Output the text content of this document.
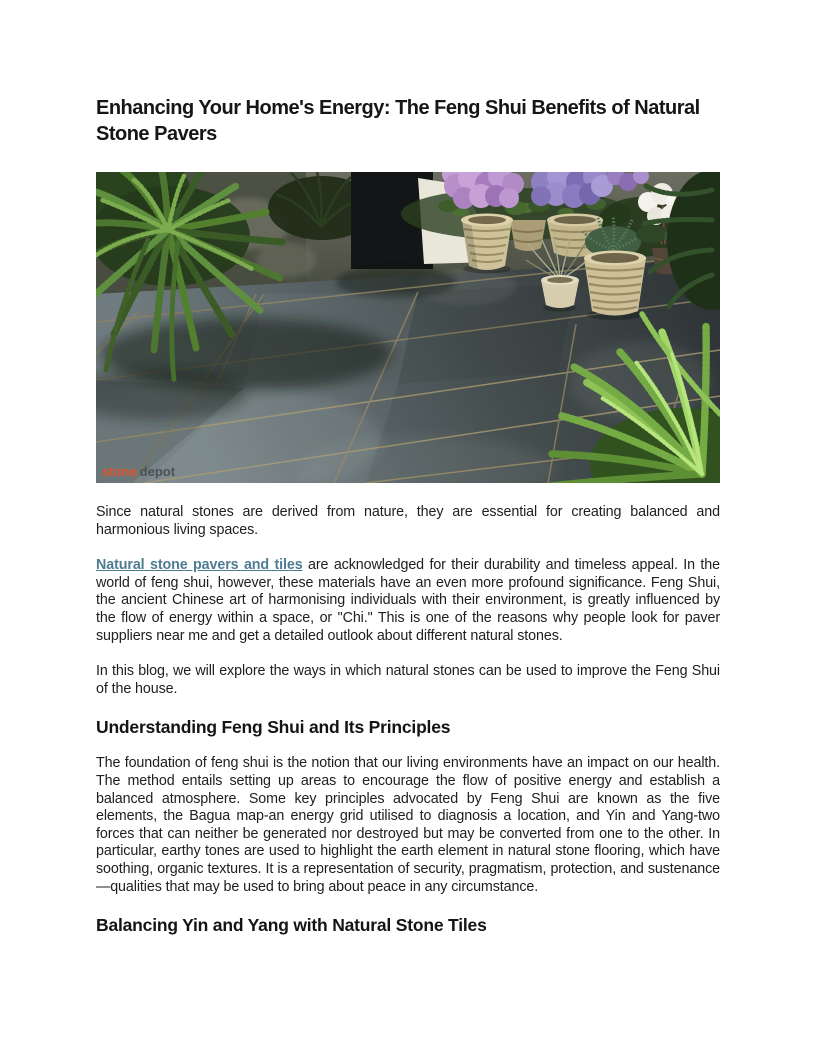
Enhancing Your Home's Energy: The Feng Shui Benefits of Natural Stone Pavers
stone depot

Since natural stones are derived from nature, they are essential for creating balanced and harmonious living spaces.

Natural stone pavers and tiles are acknowledged for their durability and timeless appeal. In the world of feng shui, however, these materials have an even more profound significance. Feng Shui, the ancient Chinese art of harmonising individuals with their environment, is greatly influenced by the flow of energy within a space, or "Chi." This is one of the reasons why people look for paver suppliers near me and get a detailed outlook about different natural stones.

In this blog, we will explore the ways in which natural stones can be used to improve the Feng Shui of the house.

Understanding Feng Shui and Its Principles

The foundation of feng shui is the notion that our living environments have an impact on our health. The method entails setting up areas to encourage the flow of positive energy and establish a balanced atmosphere. Some key principles advocated by Feng Shui are known as the five elements, the Bagua map-an energy grid utilised to diagnosis a location, and Yin and Yang-two forces that can neither be generated nor destroyed but may be converted from one to the other. In particular, earthy tones are used to highlight the earth element in natural stone flooring, which have soothing, organic textures. It is a representation of security, pragmatism, protection, and sustenance—qualities that may be used to bring about peace in any circumstance.

Balancing Yin and Yang with Natural Stone Tiles
